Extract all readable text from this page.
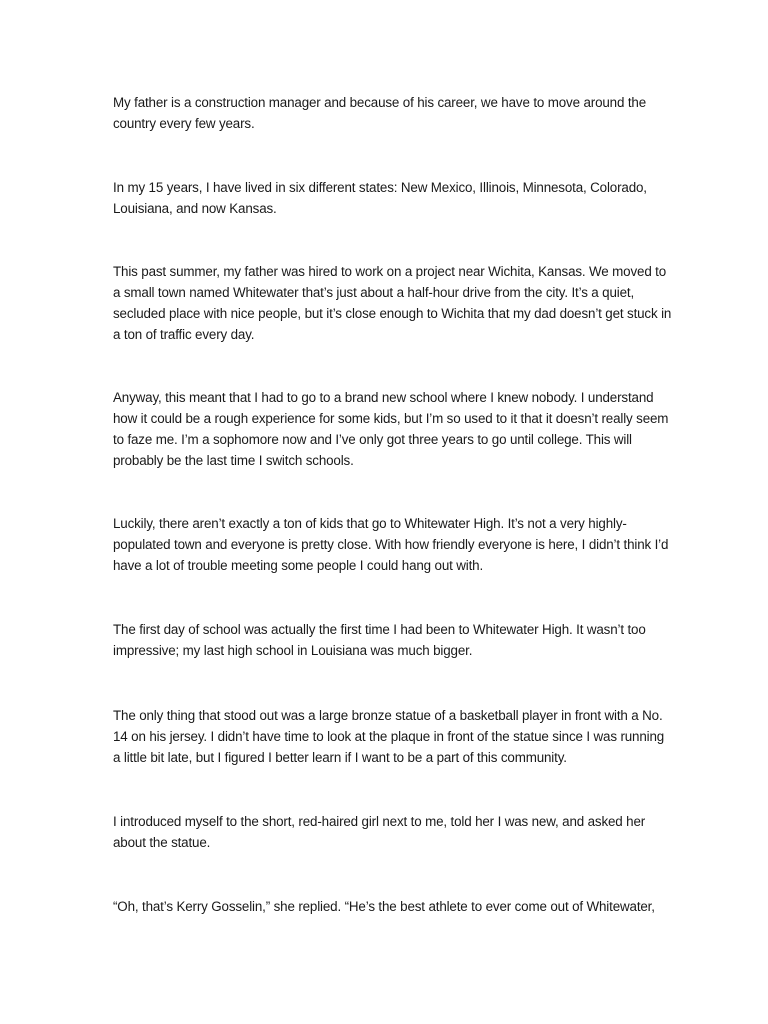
My father is a construction manager and because of his career, we have to move around the country every few years.

In my 15 years, I have lived in six different states: New Mexico, Illinois, Minnesota, Colorado, Louisiana, and now Kansas.

This past summer, my father was hired to work on a project near Wichita, Kansas. We moved to a small town named Whitewater that’s just about a half-hour drive from the city. It’s a quiet, secluded place with nice people, but it’s close enough to Wichita that my dad doesn’t get stuck in a ton of traffic every day.

Anyway, this meant that I had to go to a brand new school where I knew nobody. I understand how it could be a rough experience for some kids, but I’m so used to it that it doesn’t really seem to faze me. I’m a sophomore now and I’ve only got three years to go until college. This will probably be the last time I switch schools.

Luckily, there aren’t exactly a ton of kids that go to Whitewater High. It’s not a very highly-populated town and everyone is pretty close. With how friendly everyone is here, I didn’t think I’d have a lot of trouble meeting some people I could hang out with.

The first day of school was actually the first time I had been to Whitewater High. It wasn’t too impressive; my last high school in Louisiana was much bigger.

The only thing that stood out was a large bronze statue of a basketball player in front with a No. 14 on his jersey. I didn’t have time to look at the plaque in front of the statue since I was running a little bit late, but I figured I better learn if I want to be a part of this community.

I introduced myself to the short, red-haired girl next to me, told her I was new, and asked her about the statue.

“Oh, that’s Kerry Gosselin,” she replied. “He’s the best athlete to ever come out of Whitewater,
